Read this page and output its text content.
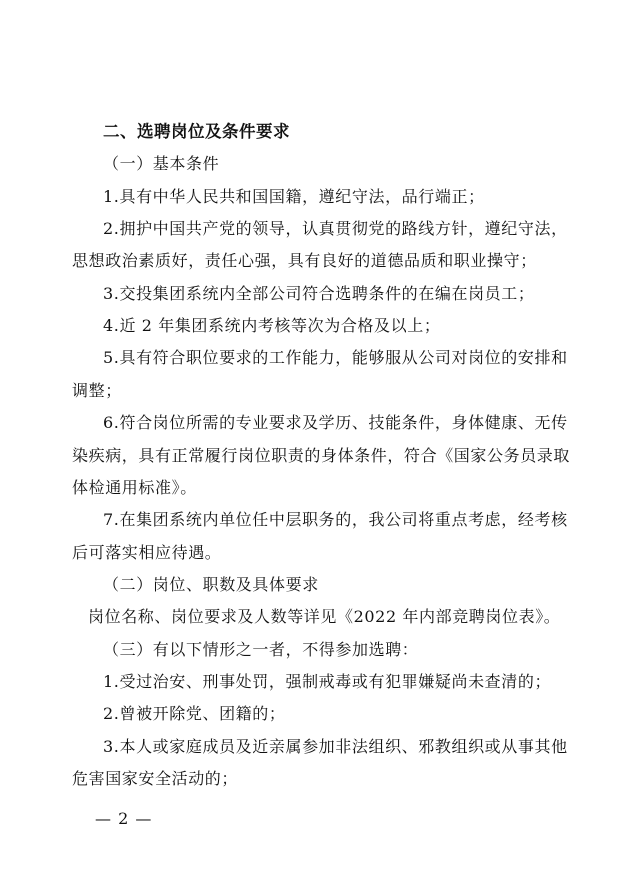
二、选聘岗位及条件要求
（一）基本条件
1.具有中华人民共和国国籍，遵纪守法，品行端正；
2.拥护中国共产党的领导，认真贯彻党的路线方针，遵纪守法，
思想政治素质好，责任心强，具有良好的道德品质和职业操守；
3.交投集团系统内全部公司符合选聘条件的在编在岗员工；
4.近 2 年集团系统内考核等次为合格及以上；
5.具有符合职位要求的工作能力，能够服从公司对岗位的安排和
调整；
6.符合岗位所需的专业要求及学历、技能条件，身体健康、无传
染疾病，具有正常履行岗位职责的身体条件，符合《国家公务员录取
体检通用标准》。
7.在集团系统内单位任中层职务的，我公司将重点考虑，经考核
后可落实相应待遇。
（二）岗位、职数及具体要求
岗位名称、岗位要求及人数等详见《2022 年内部竞聘岗位表》。
（三）有以下情形之一者，不得参加选聘：
1.受过治安、刑事处罚，强制戒毒或有犯罪嫌疑尚未查清的；
2.曾被开除党、团籍的；
3.本人或家庭成员及近亲属参加非法组织、邪教组织或从事其他
危害国家安全活动的；
— 2 —
